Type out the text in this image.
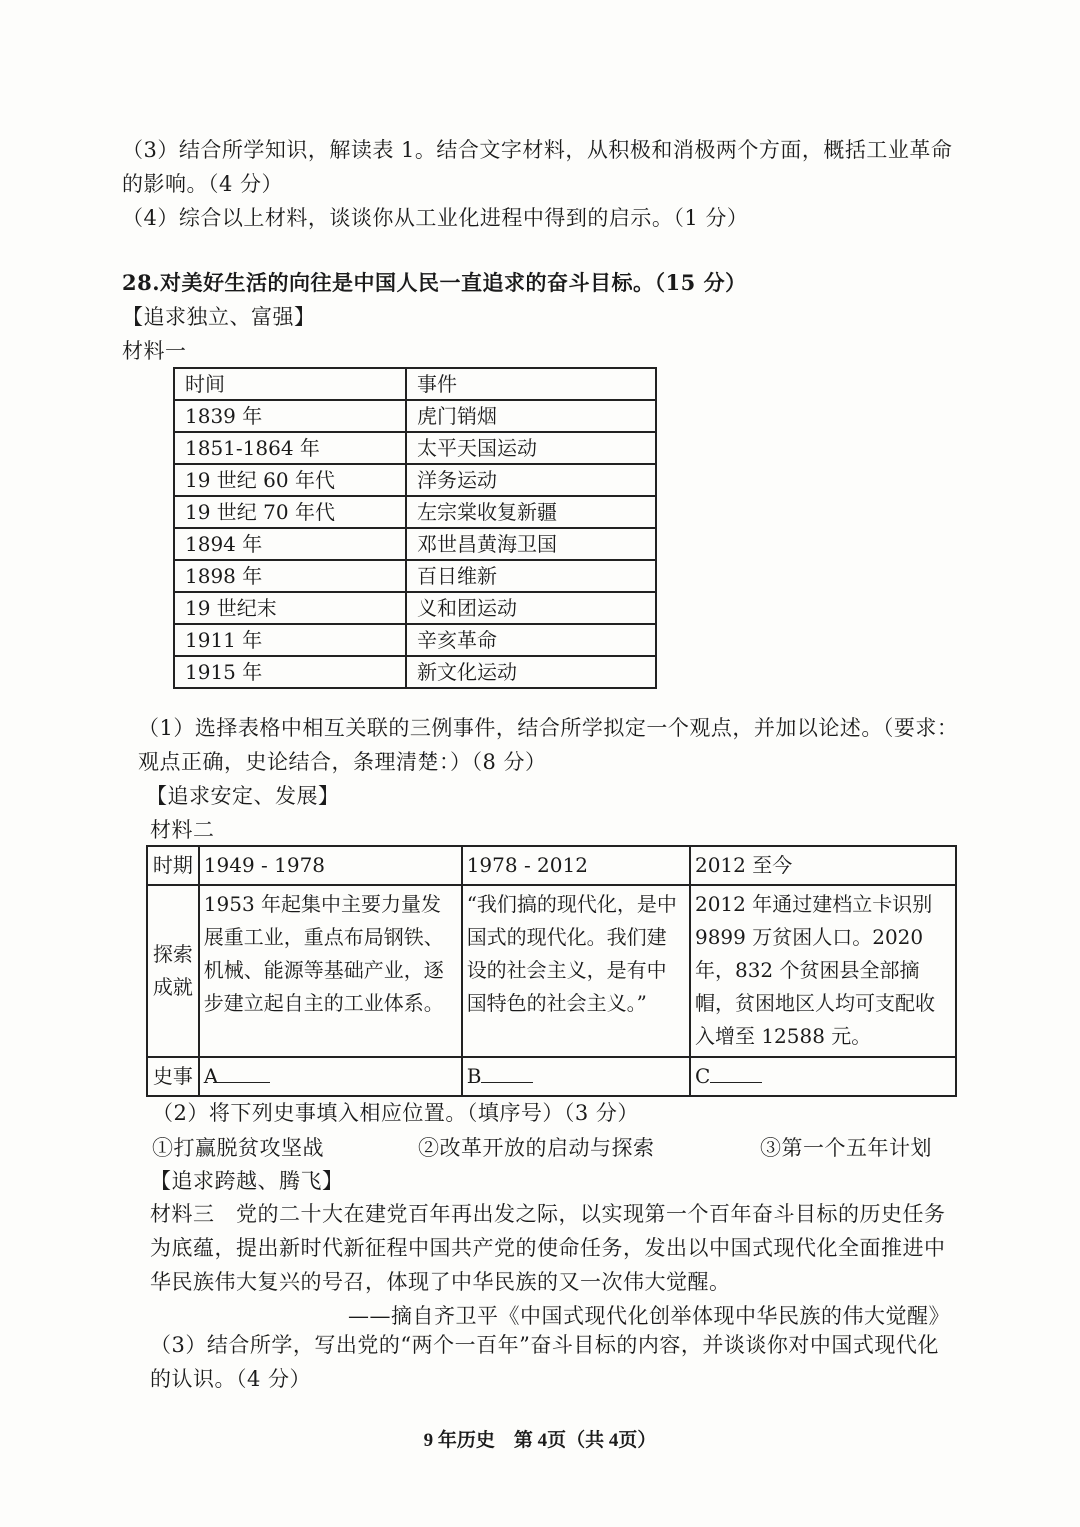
（3）结合所学知识，解读表 1。结合文字材料，从积极和消极两个方面，概括工业革命
的影响。（4 分）
（4）综合以上材料，谈谈你从工业化进程中得到的启示。（1 分）
28.对美好生活的向往是中国人民一直追求的奋斗目标。（15 分）
【追求独立、富强】
材料一
时间	事件
1839 年	虎门销烟
1851-1864 年	太平天国运动
19 世纪 60 年代	洋务运动
19 世纪 70 年代	左宗棠收复新疆
1894 年	邓世昌黄海卫国
1898 年	百日维新
19 世纪末	义和团运动
1911 年	辛亥革命
1915 年	新文化运动
（1）选择表格中相互关联的三例事件，结合所学拟定一个观点，并加以论述。（要求：
观点正确，史论结合，条理清楚：）（8 分）
【追求安定、发展】
材料二
时期	1949 - 1978	1978 - 2012	2012 至今
探索成就	1953 年起集中主要力量发展重工业，重点布局钢铁、机械、能源等基础产业，逐步建立起自主的工业体系。	“我们搞的现代化，是中国式的现代化。我们建设的社会主义，是有中国特色的社会主义。”	2012 年通过建档立卡识别 9899 万贫困人口。2020 年，832 个贫困县全部摘帽，贫困地区人均可支配收入增至 12588 元。
史事	A	B	C
（2）将下列史事填入相应位置。（填序号）（3 分）
①打赢脱贫攻坚战	②改革开放的启动与探索	③第一个五年计划
【追求跨越、腾飞】
材料三　党的二十大在建党百年再出发之际，以实现第一个百年奋斗目标的历史任务
为底蕴，提出新时代新征程中国共产党的使命任务，发出以中国式现代化全面推进中
华民族伟大复兴的号召，体现了中华民族的又一次伟大觉醒。
——摘自齐卫平《中国式现代化创举体现中华民族的伟大觉醒》
（3）结合所学，写出党的“两个一百年”奋斗目标的内容，并谈谈你对中国式现代化
的认识。（4 分）
9 年历史　第 4页（共 4页）
